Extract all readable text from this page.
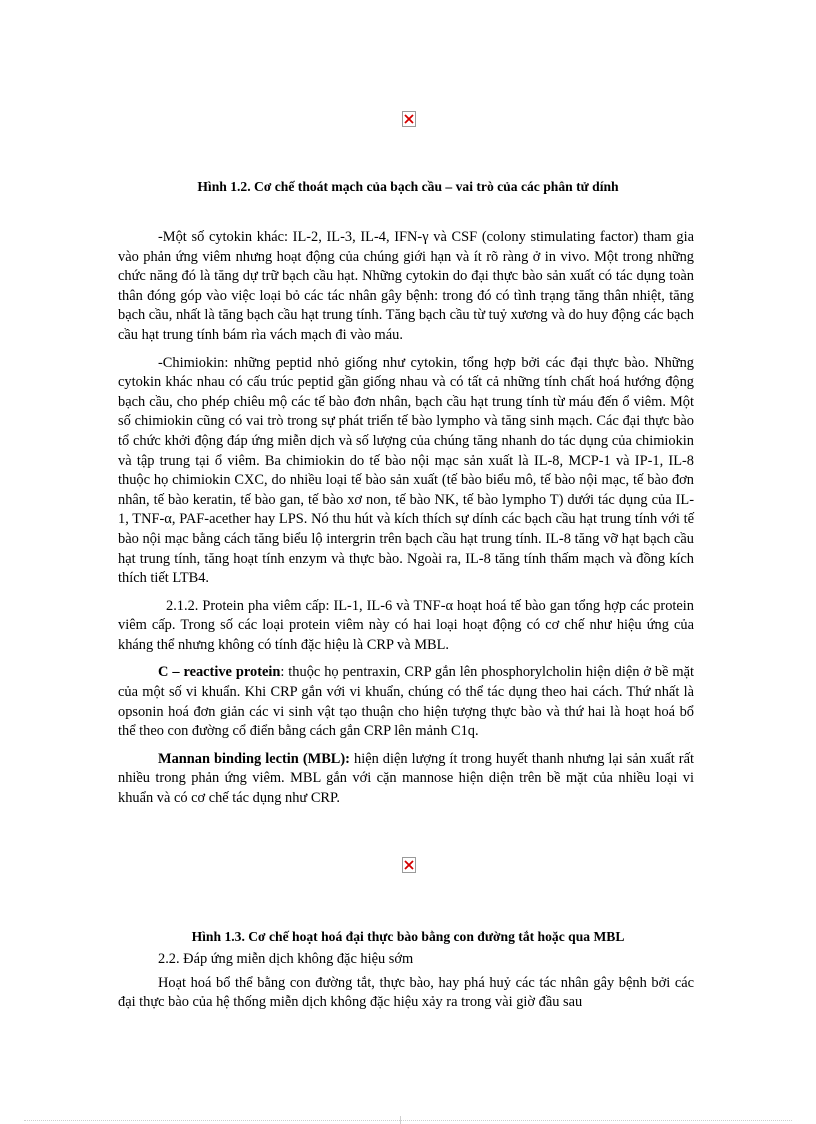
Hình 1.2. Cơ chế thoát mạch của bạch cầu – vai trò của các phân tử dính

-Một số cytokin khác: IL-2, IL-3, IL-4, IFN-γ và CSF (colony stimulating factor) tham gia vào phản ứng viêm nhưng hoạt động của chúng giới hạn và ít rõ ràng ở in vivo. Một trong những chức năng đó là tăng dự trữ bạch cầu hạt. Những cytokin do đại thực bào sản xuất có tác dụng toàn thân đóng góp vào việc loại bỏ các tác nhân gây bệnh: trong đó có tình trạng tăng thân nhiệt, tăng bạch cầu, nhất là tăng bạch cầu hạt trung tính. Tăng bạch cầu từ tuỷ xương và do huy động các bạch cầu hạt trung tính bám rìa vách mạch đi vào máu.

-Chimiokin: những peptid nhỏ giống như cytokin, tổng hợp bởi các đại thực bào. Những cytokin khác nhau có cấu trúc peptid gần giống nhau và có tất cả những tính chất hoá hướng động bạch cầu, cho phép chiêu mộ các tế bào đơn nhân, bạch cầu hạt trung tính từ máu đến ổ viêm. Một số chimiokin cũng có vai trò trong sự phát triển tế bào lympho và tăng sinh mạch. Các đại thực bào tổ chức khởi động đáp ứng miễn dịch và số lượng của chúng tăng nhanh do tác dụng của chimiokin và tập trung tại ổ viêm. Ba chimiokin do tế bào nội mạc sản xuất là IL-8, MCP-1 và IP-1, IL-8 thuộc họ chimiokin CXC, do nhiều loại tế bào sản xuất (tế bào biểu mô, tế bào nội mạc, tế bào đơn nhân, tế bào keratin, tế bào gan, tế bào xơ non, tế bào NK, tế bào lympho T) dưới tác dụng của IL-1, TNF-α, PAF-acether hay LPS. Nó thu hút và kích thích sự dính các bạch cầu hạt trung tính với tế bào nội mạc bằng cách tăng biểu lộ intergrin trên bạch cầu hạt trung tính. IL-8 tăng vỡ hạt bạch cầu hạt trung tính, tăng hoạt tính enzym và thực bào. Ngoài ra, IL-8 tăng tính thấm mạch và đồng kích thích tiết LTB4.

2.1.2. Protein pha viêm cấp: IL-1, IL-6 và TNF-α hoạt hoá tế bào gan tổng hợp các protein viêm cấp. Trong số các loại protein viêm này có hai loại hoạt động có cơ chế như hiệu ứng của kháng thể nhưng không có tính đặc hiệu là CRP và MBL.

C – reactive protein: thuộc họ pentraxin, CRP gắn lên phosphorylcholin hiện diện ở bề mặt của một số vi khuẩn. Khi CRP gắn với vi khuẩn, chúng có thể tác dụng theo hai cách. Thứ nhất là opsonin hoá đơn giản các vi sinh vật tạo thuận cho hiện tượng thực bào và thứ hai là hoạt hoá bổ thể theo con đường cổ điển bằng cách gắn CRP lên mảnh C1q.

Mannan binding lectin (MBL): hiện diện lượng ít trong huyết thanh nhưng lại sản xuất rất nhiều trong phản ứng viêm. MBL gắn với cặn mannose hiện diện trên bề mặt của nhiều loại vi khuẩn và có cơ chế tác dụng như CRP.

Hình 1.3. Cơ chế hoạt hoá đại thực bào bằng con đường tắt hoặc qua MBL

2.2. Đáp ứng miễn dịch không đặc hiệu sớm

Hoạt hoá bổ thể bằng con đường tắt, thực bào, hay phá huỷ các tác nhân gây bệnh bởi các đại thực bào của hệ thống miễn dịch không đặc hiệu xảy ra trong vài giờ đầu sau
